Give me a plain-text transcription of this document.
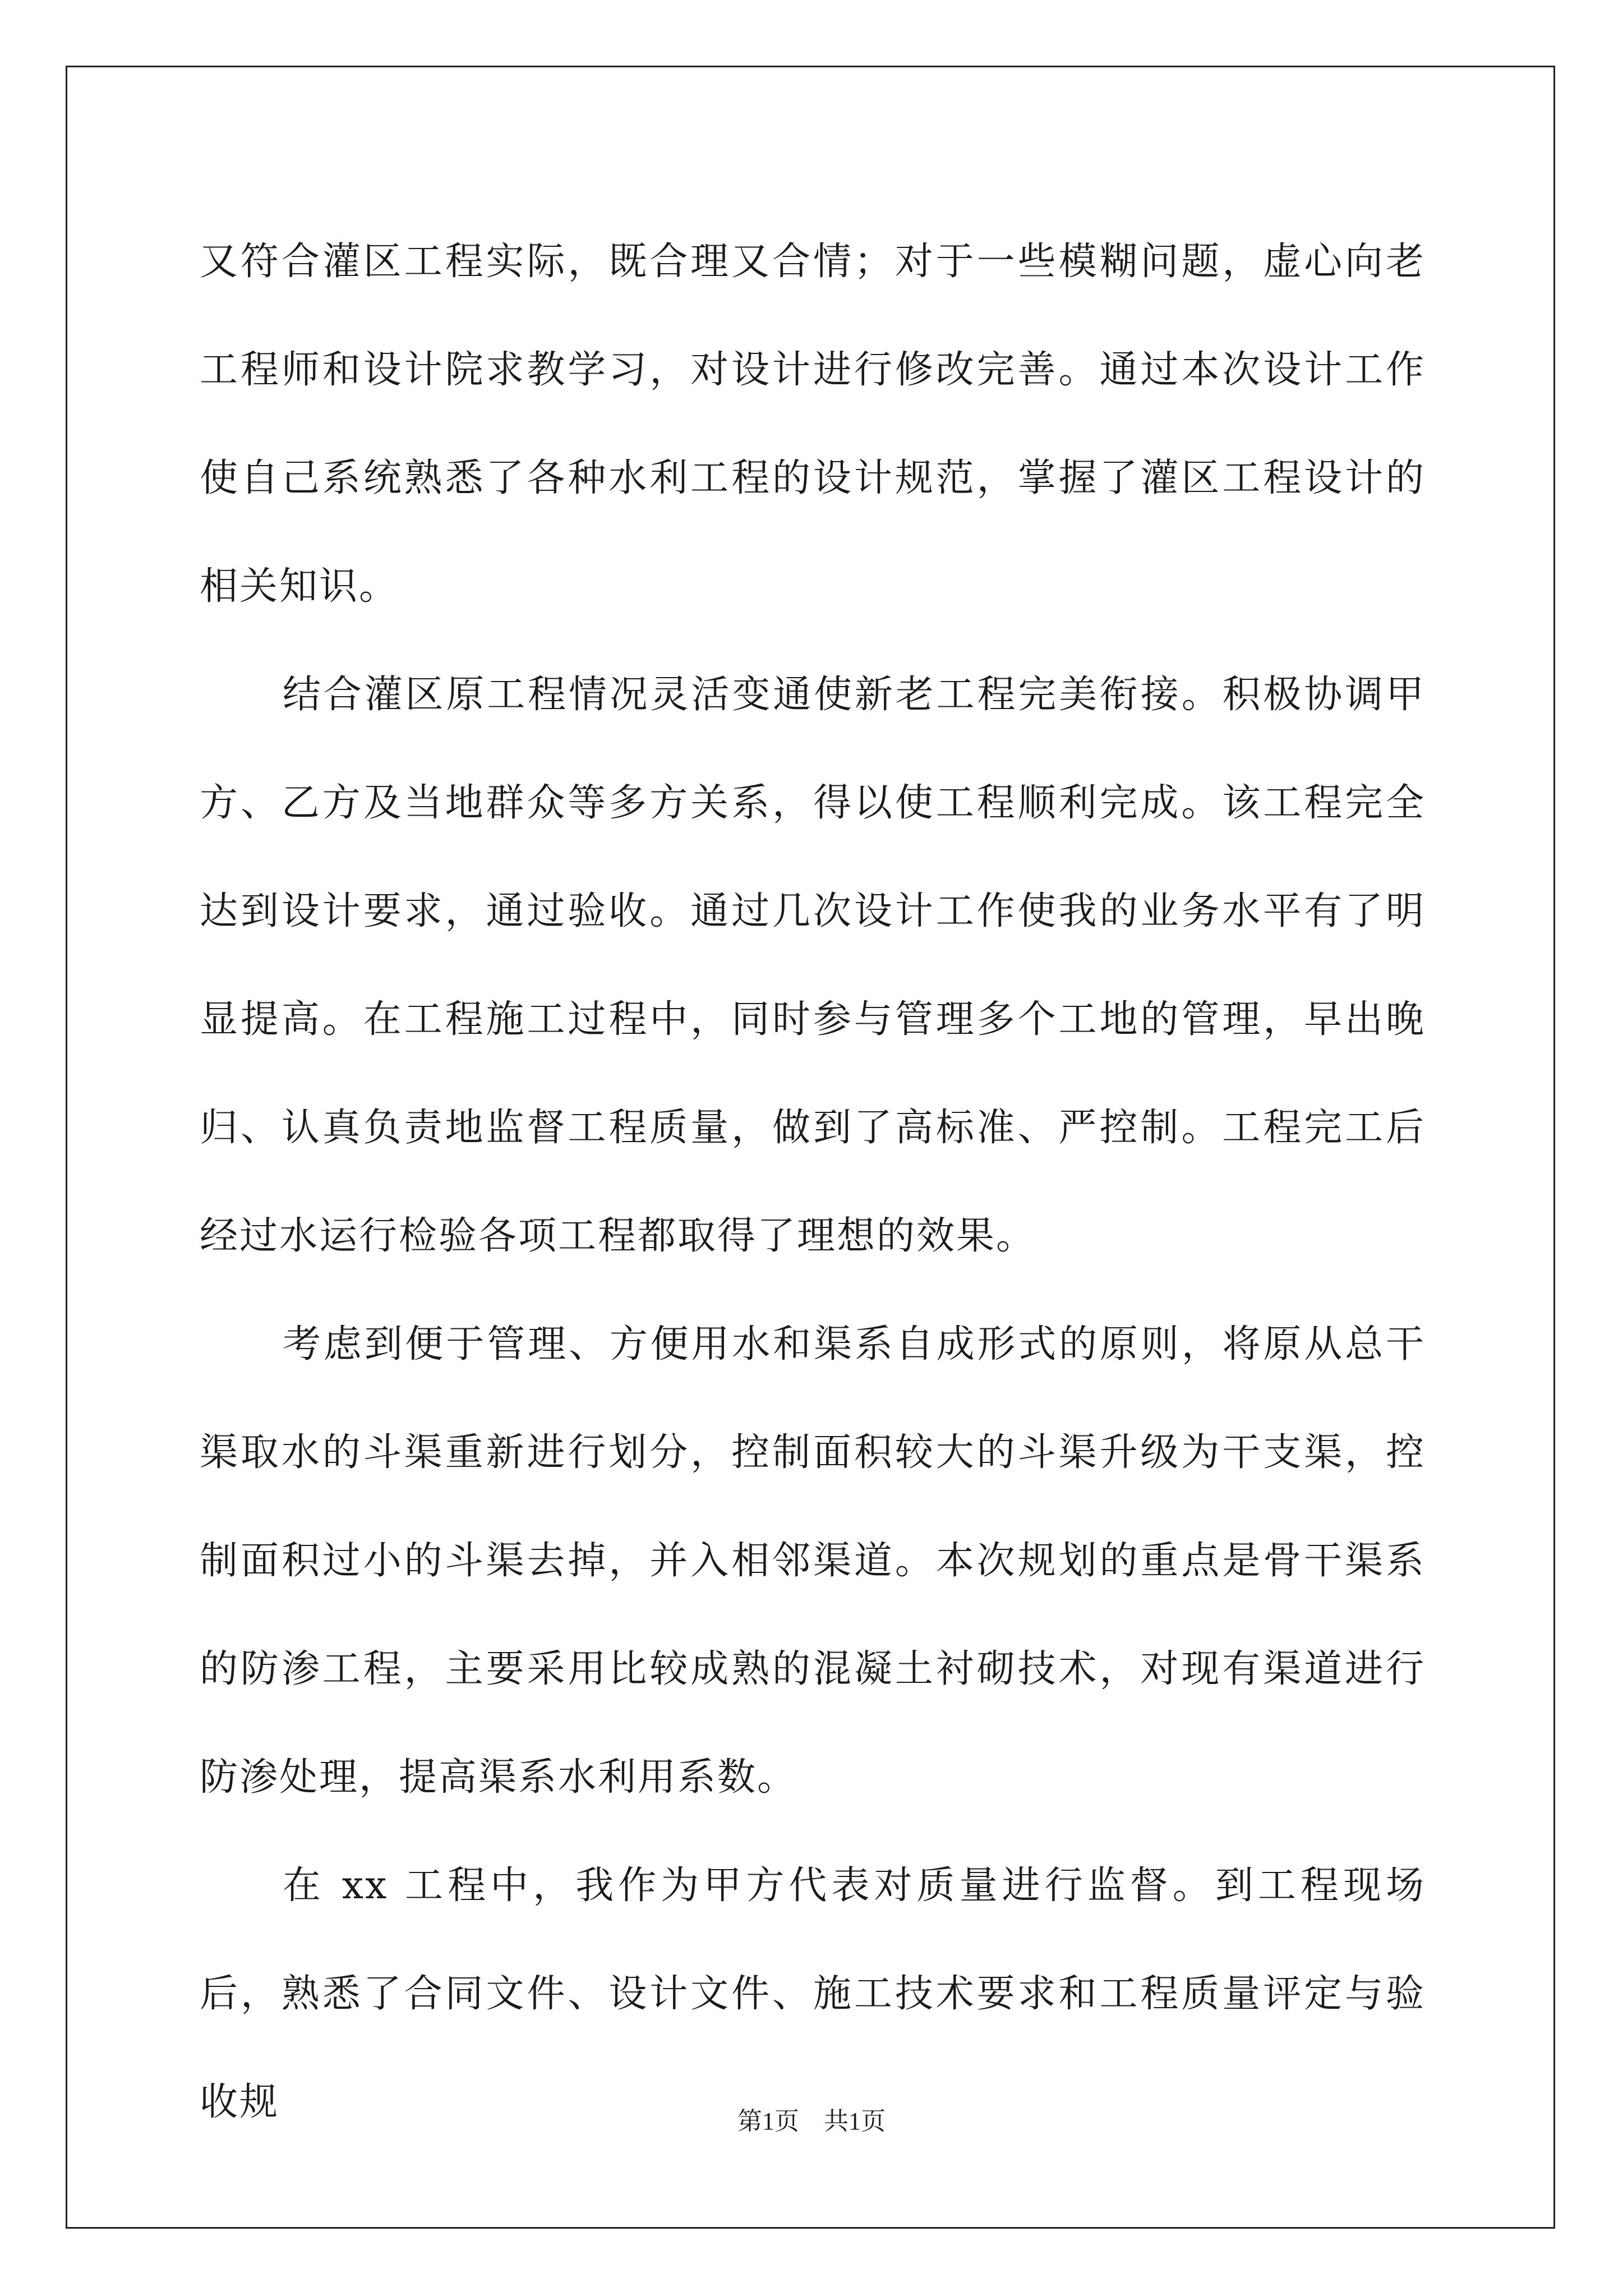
又符合灌区工程实际，既合理又合情；对于一些模糊问题，虚心向老工程师和设计院求教学习，对设计进行修改完善。通过本次设计工作使自己系统熟悉了各种水利工程的设计规范，掌握了灌区工程设计的相关知识。

结合灌区原工程情况灵活变通使新老工程完美衔接。积极协调甲方、乙方及当地群众等多方关系，得以使工程顺利完成。该工程完全达到设计要求，通过验收。通过几次设计工作使我的业务水平有了明显提高。在工程施工过程中，同时参与管理多个工地的管理，早出晚归、认真负责地监督工程质量，做到了高标准、严控制。工程完工后经过水运行检验各项工程都取得了理想的效果。

考虑到便于管理、方便用水和渠系自成形式的原则，将原从总干渠取水的斗渠重新进行划分，控制面积较大的斗渠升级为干支渠，控制面积过小的斗渠去掉，并入相邻渠道。本次规划的重点是骨干渠系的防渗工程，主要采用比较成熟的混凝土衬砌技术，对现有渠道进行防渗处理，提高渠系水利用系数。

在 xx 工程中，我作为甲方代表对质量进行监督。到工程现场后，熟悉了合同文件、设计文件、施工技术要求和工程质量评定与验收规	第1页 共1页
